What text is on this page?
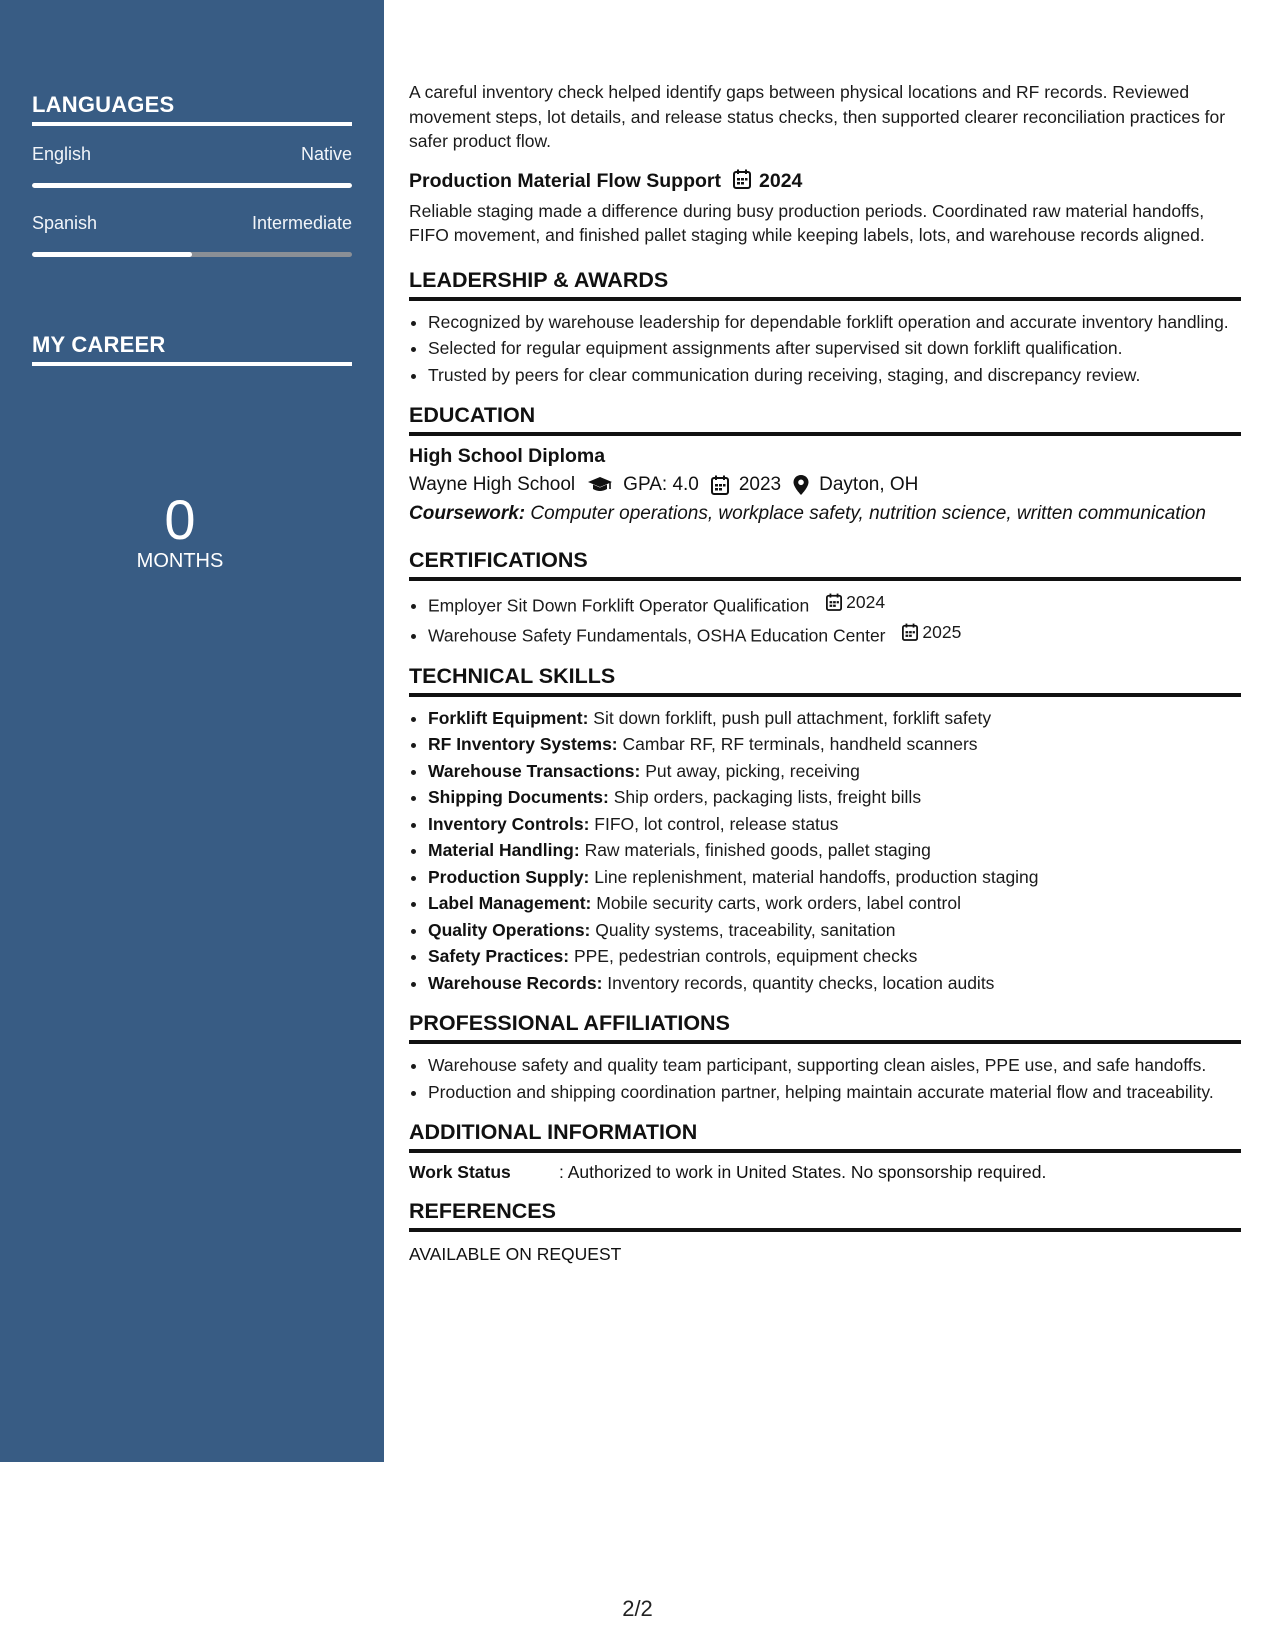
LANGUAGES
English	Native
Spanish	Intermediate
MY CAREER
0
MONTHS

A careful inventory check helped identify gaps between physical locations and RF records. Reviewed movement steps, lot details, and release status checks, then supported clearer reconciliation practices for safer product flow.

Production Material Flow Support 2024

Reliable staging made a difference during busy production periods. Coordinated raw material handoffs, FIFO movement, and finished pallet staging while keeping labels, lots, and warehouse records aligned.

LEADERSHIP & AWARDS
• Recognized by warehouse leadership for dependable forklift operation and accurate inventory handling.
• Selected for regular equipment assignments after supervised sit down forklift qualification.
• Trusted by peers for clear communication during receiving, staging, and discrepancy review.
EDUCATION
High School Diploma
Wayne High School	GPA: 4.0 2023 Dayton, OH

Coursework: Computer operations, workplace safety, nutrition science, written communication

CERTIFICATIONS
• Employer Sit Down Forklift Operator Qualification 2024
• Warehouse Safety Fundamentals, OSHA Education Center 2025
TECHNICAL SKILLS
• Forklift Equipment: Sit down forklift, push pull attachment, forklift safety
• RF Inventory Systems: Cambar RF, RF terminals, handheld scanners
• Warehouse Transactions: Put away, picking, receiving
• Shipping Documents: Ship orders, packaging lists, freight bills
• Inventory Controls: FIFO, lot control, release status
• Material Handling: Raw materials, finished goods, pallet staging
• Production Supply: Line replenishment, material handoffs, production staging
• Label Management: Mobile security carts, work orders, label control
• Quality Operations: Quality systems, traceability, sanitation
• Safety Practices: PPE, pedestrian controls, equipment checks
• Warehouse Records: Inventory records, quantity checks, location audits
PROFESSIONAL AFFILIATIONS
• Warehouse safety and quality team participant, supporting clean aisles, PPE use, and safe handoffs.
• Production and shipping coordination partner, helping maintain accurate material flow and traceability.
ADDITIONAL INFORMATION
Work Status	: Authorized to work in United States. No sponsorship required.
REFERENCES
AVAILABLE ON REQUEST
2/2
